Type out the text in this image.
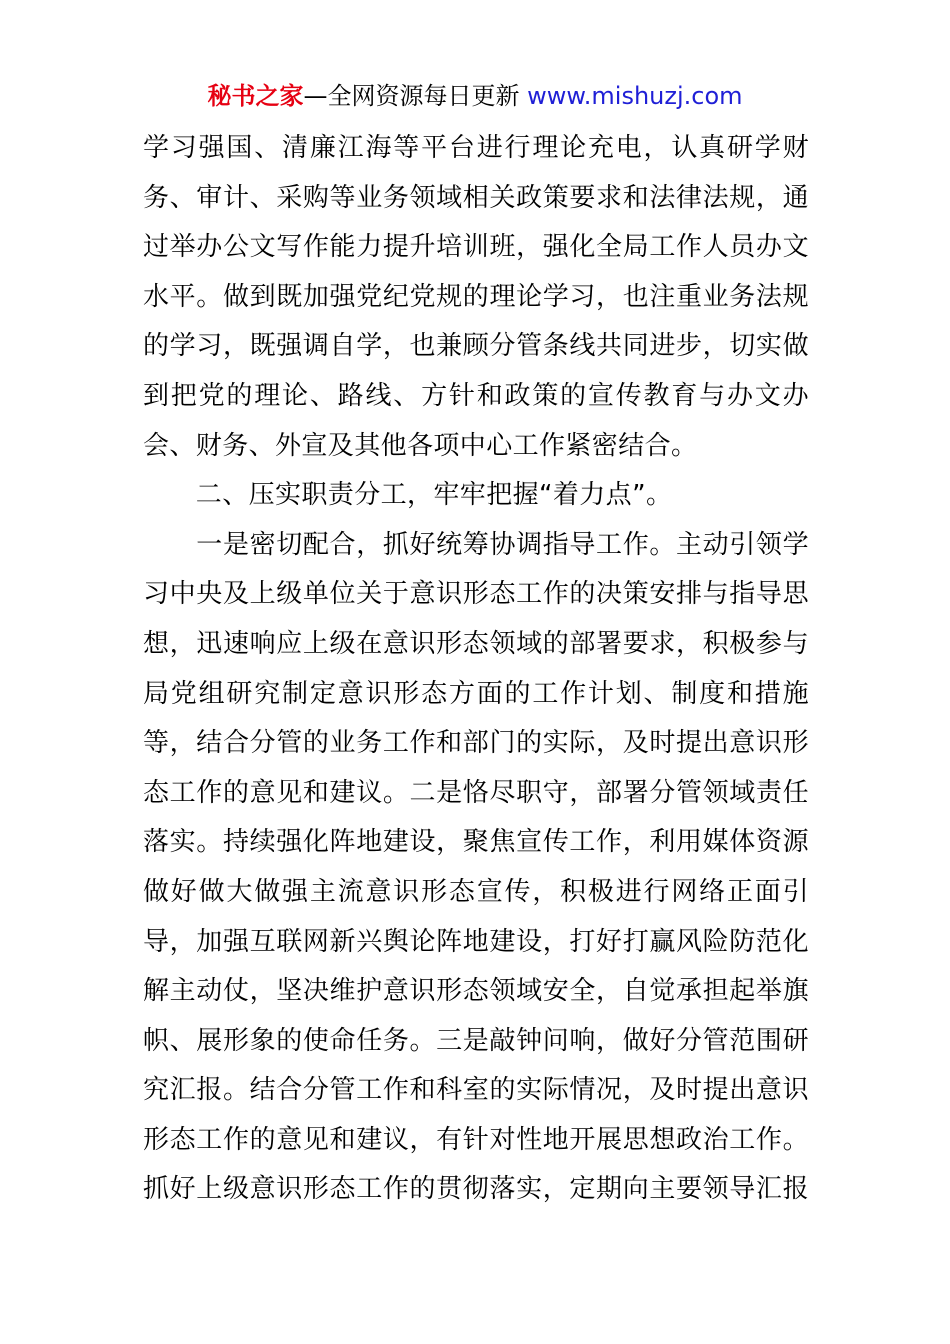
秘书之家—全网资源每日更新 www.mishuzj.com
学习强国、清廉江海等平台进行理论充电，认真研学财
务、审计、采购等业务领域相关政策要求和法律法规，通
过举办公文写作能力提升培训班，强化全局工作人员办文
水平。做到既加强党纪党规的理论学习，也注重业务法规
的学习，既强调自学，也兼顾分管条线共同进步，切实做
到把党的理论、路线、方针和政策的宣传教育与办文办
会、财务、外宣及其他各项中心工作紧密结合。
　　二、压实职责分工，牢牢把握“着力点”。
　　一是密切配合，抓好统筹协调指导工作。主动引领学
习中央及上级单位关于意识形态工作的决策安排与指导思
想，迅速响应上级在意识形态领域的部署要求，积极参与
局党组研究制定意识形态方面的工作计划、制度和措施
等，结合分管的业务工作和部门的实际，及时提出意识形
态工作的意见和建议。二是恪尽职守，部署分管领域责任
落实。持续强化阵地建设，聚焦宣传工作，利用媒体资源
做好做大做强主流意识形态宣传，积极进行网络正面引
导，加强互联网新兴舆论阵地建设，打好打赢风险防范化
解主动仗，坚决维护意识形态领域安全，自觉承担起举旗
帜、展形象的使命任务。三是敲钟问响，做好分管范围研
究汇报。结合分管工作和科室的实际情况，及时提出意识
形态工作的意见和建议，有针对性地开展思想政治工作。
抓好上级意识形态工作的贯彻落实，定期向主要领导汇报
